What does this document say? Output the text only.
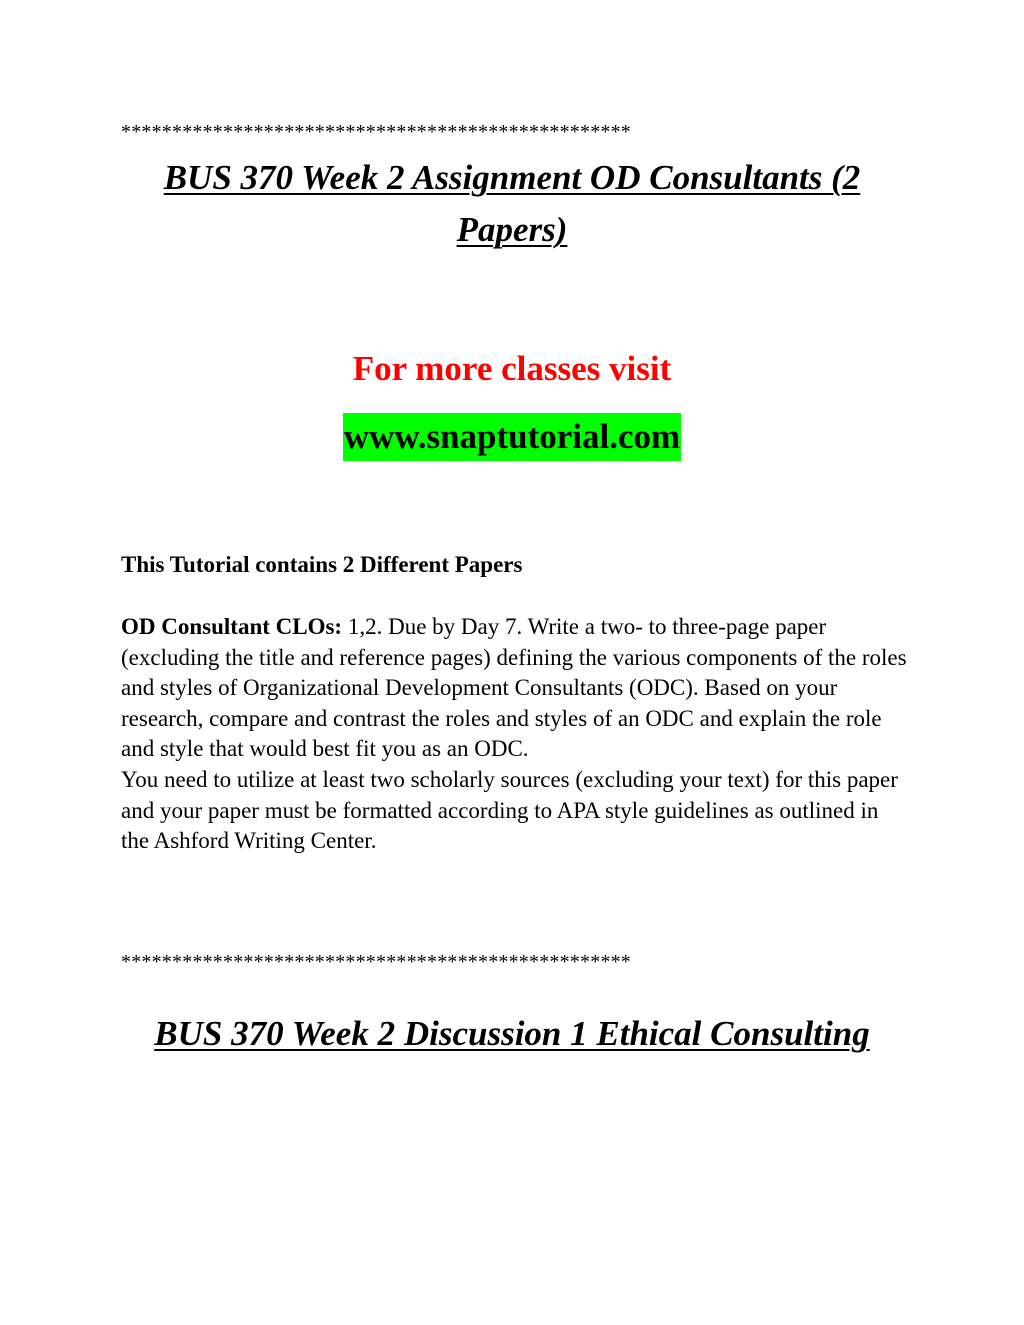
**************************************************
BUS 370 Week 2 Assignment OD Consultants (2 Papers)
For more classes visit
www.snaptutorial.com
This Tutorial contains 2 Different Papers

OD Consultant CLOs: 1,2. Due by Day 7. Write a two- to three-page paper (excluding the title and reference pages) defining the various components of the roles and styles of Organizational Development Consultants (ODC). Based on your research, compare and contrast the roles and styles of an ODC and explain the role and style that would best fit you as an ODC.

You need to utilize at least two scholarly sources (excluding your text) for this paper and your paper must be formatted according to APA style guidelines as outlined in the Ashford Writing Center.

**************************************************
BUS 370 Week 2 Discussion 1 Ethical Consulting
